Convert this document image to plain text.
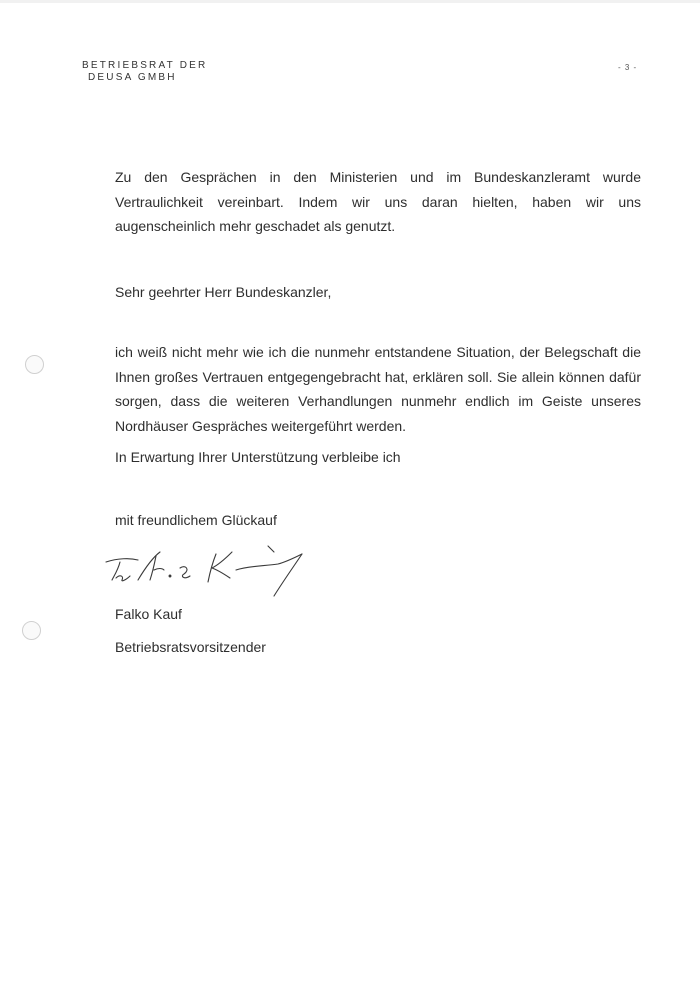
BETRIEBSRAT DER
DEUSA GMBH
- 3 -
Zu den Gesprächen in den Ministerien und im Bundeskanzleramt wurde Vertraulichkeit vereinbart. Indem wir uns daran hielten, haben wir uns augenscheinlich mehr geschadet als genutzt.
Sehr geehrter Herr Bundeskanzler,
ich weiß nicht mehr wie ich die nunmehr entstandene Situation, der Belegschaft die Ihnen großes Vertrauen entgegengebracht hat, erklären soll. Sie allein können dafür sorgen, dass die weiteren Verhandlungen nunmehr endlich im Geiste unseres Nordhäuser Gespräches weitergeführt werden.
In Erwartung Ihrer Unterstützung verbleibe ich
mit freundlichem Glückauf
Falko Kauf
Betriebsratsvorsitzender
